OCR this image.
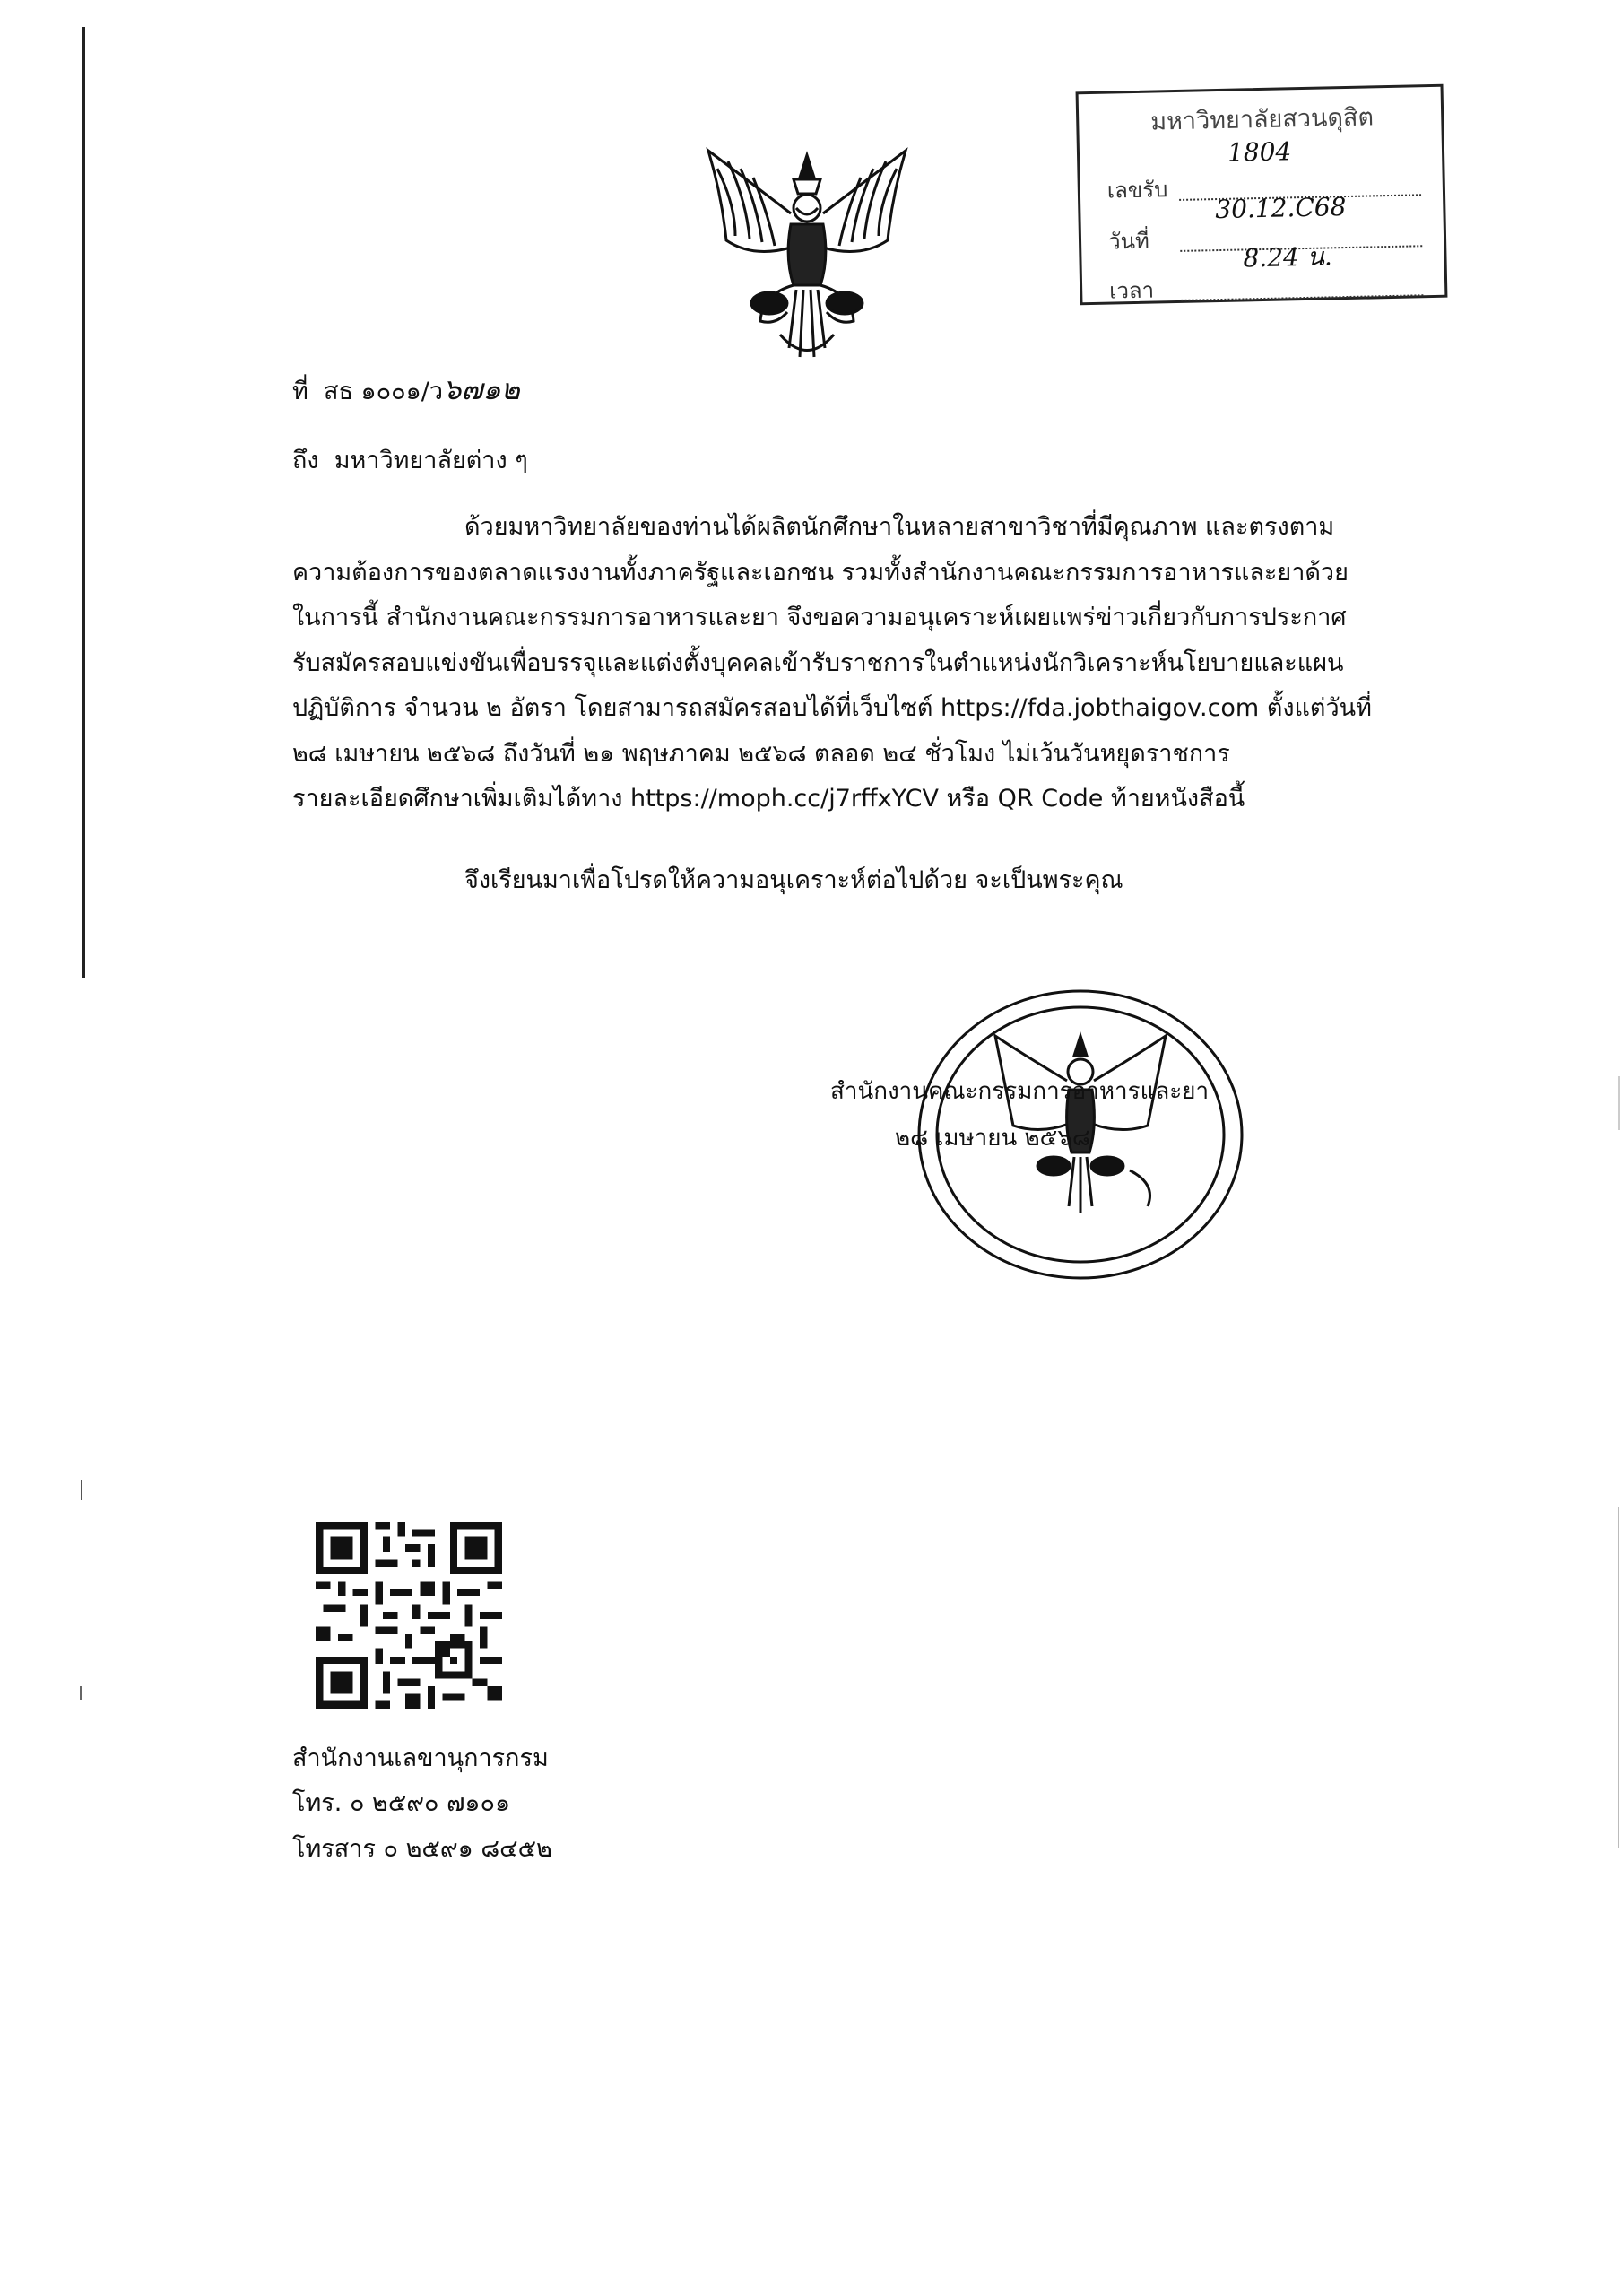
มหาวิทยาลัยสวนดุสิต
เลขรับ
1804
วันที่
30.12.C68
เวลา
8.24 น.
ที่ สธ ๑๐๐๑/ว๖๗๑๒
ถึง มหาวิทยาลัยต่าง ๆ

ด้วยมหาวิทยาลัยของท่านได้ผลิตนักศึกษาในหลายสาขาวิชาที่มีคุณภาพ และตรงตาม

ความต้องการของตลาดแรงงานทั้งภาครัฐและเอกชน รวมทั้งสำนักงานคณะกรรมการอาหารและยาด้วย

ในการนี้ สำนักงานคณะกรรมการอาหารและยา จึงขอความอนุเคราะห์เผยแพร่ข่าวเกี่ยวกับการประกาศ

รับสมัครสอบแข่งขันเพื่อบรรจุและแต่งตั้งบุคคลเข้ารับราชการในตำแหน่งนักวิเคราะห์นโยบายและแผน

ปฏิบัติการ จำนวน ๒ อัตรา โดยสามารถสมัครสอบได้ที่เว็บไซต์ https://fda.jobthaigov.com ตั้งแต่วันที่

๒๘ เมษายน ๒๕๖๘ ถึงวันที่ ๒๑ พฤษภาคม ๒๕๖๘ ตลอด ๒๔ ชั่วโมง ไม่เว้นวันหยุดราชการ

รายละเอียดศึกษาเพิ่มเติมได้ทาง https://moph.cc/j7rffxYCV หรือ QR Code ท้ายหนังสือนี้

จึงเรียนมาเพื่อโปรดให้ความอนุเคราะห์ต่อไปด้วย จะเป็นพระคุณ
สำนักงานคณะกรรมการอาหารและยา
๒๘ เมษายน ๒๕๖๘
สำนักงานเลขานุการกรม
โทร. ๐ ๒๕๙๐ ๗๑๐๑
โทรสาร ๐ ๒๕๙๑ ๘๔๕๒
